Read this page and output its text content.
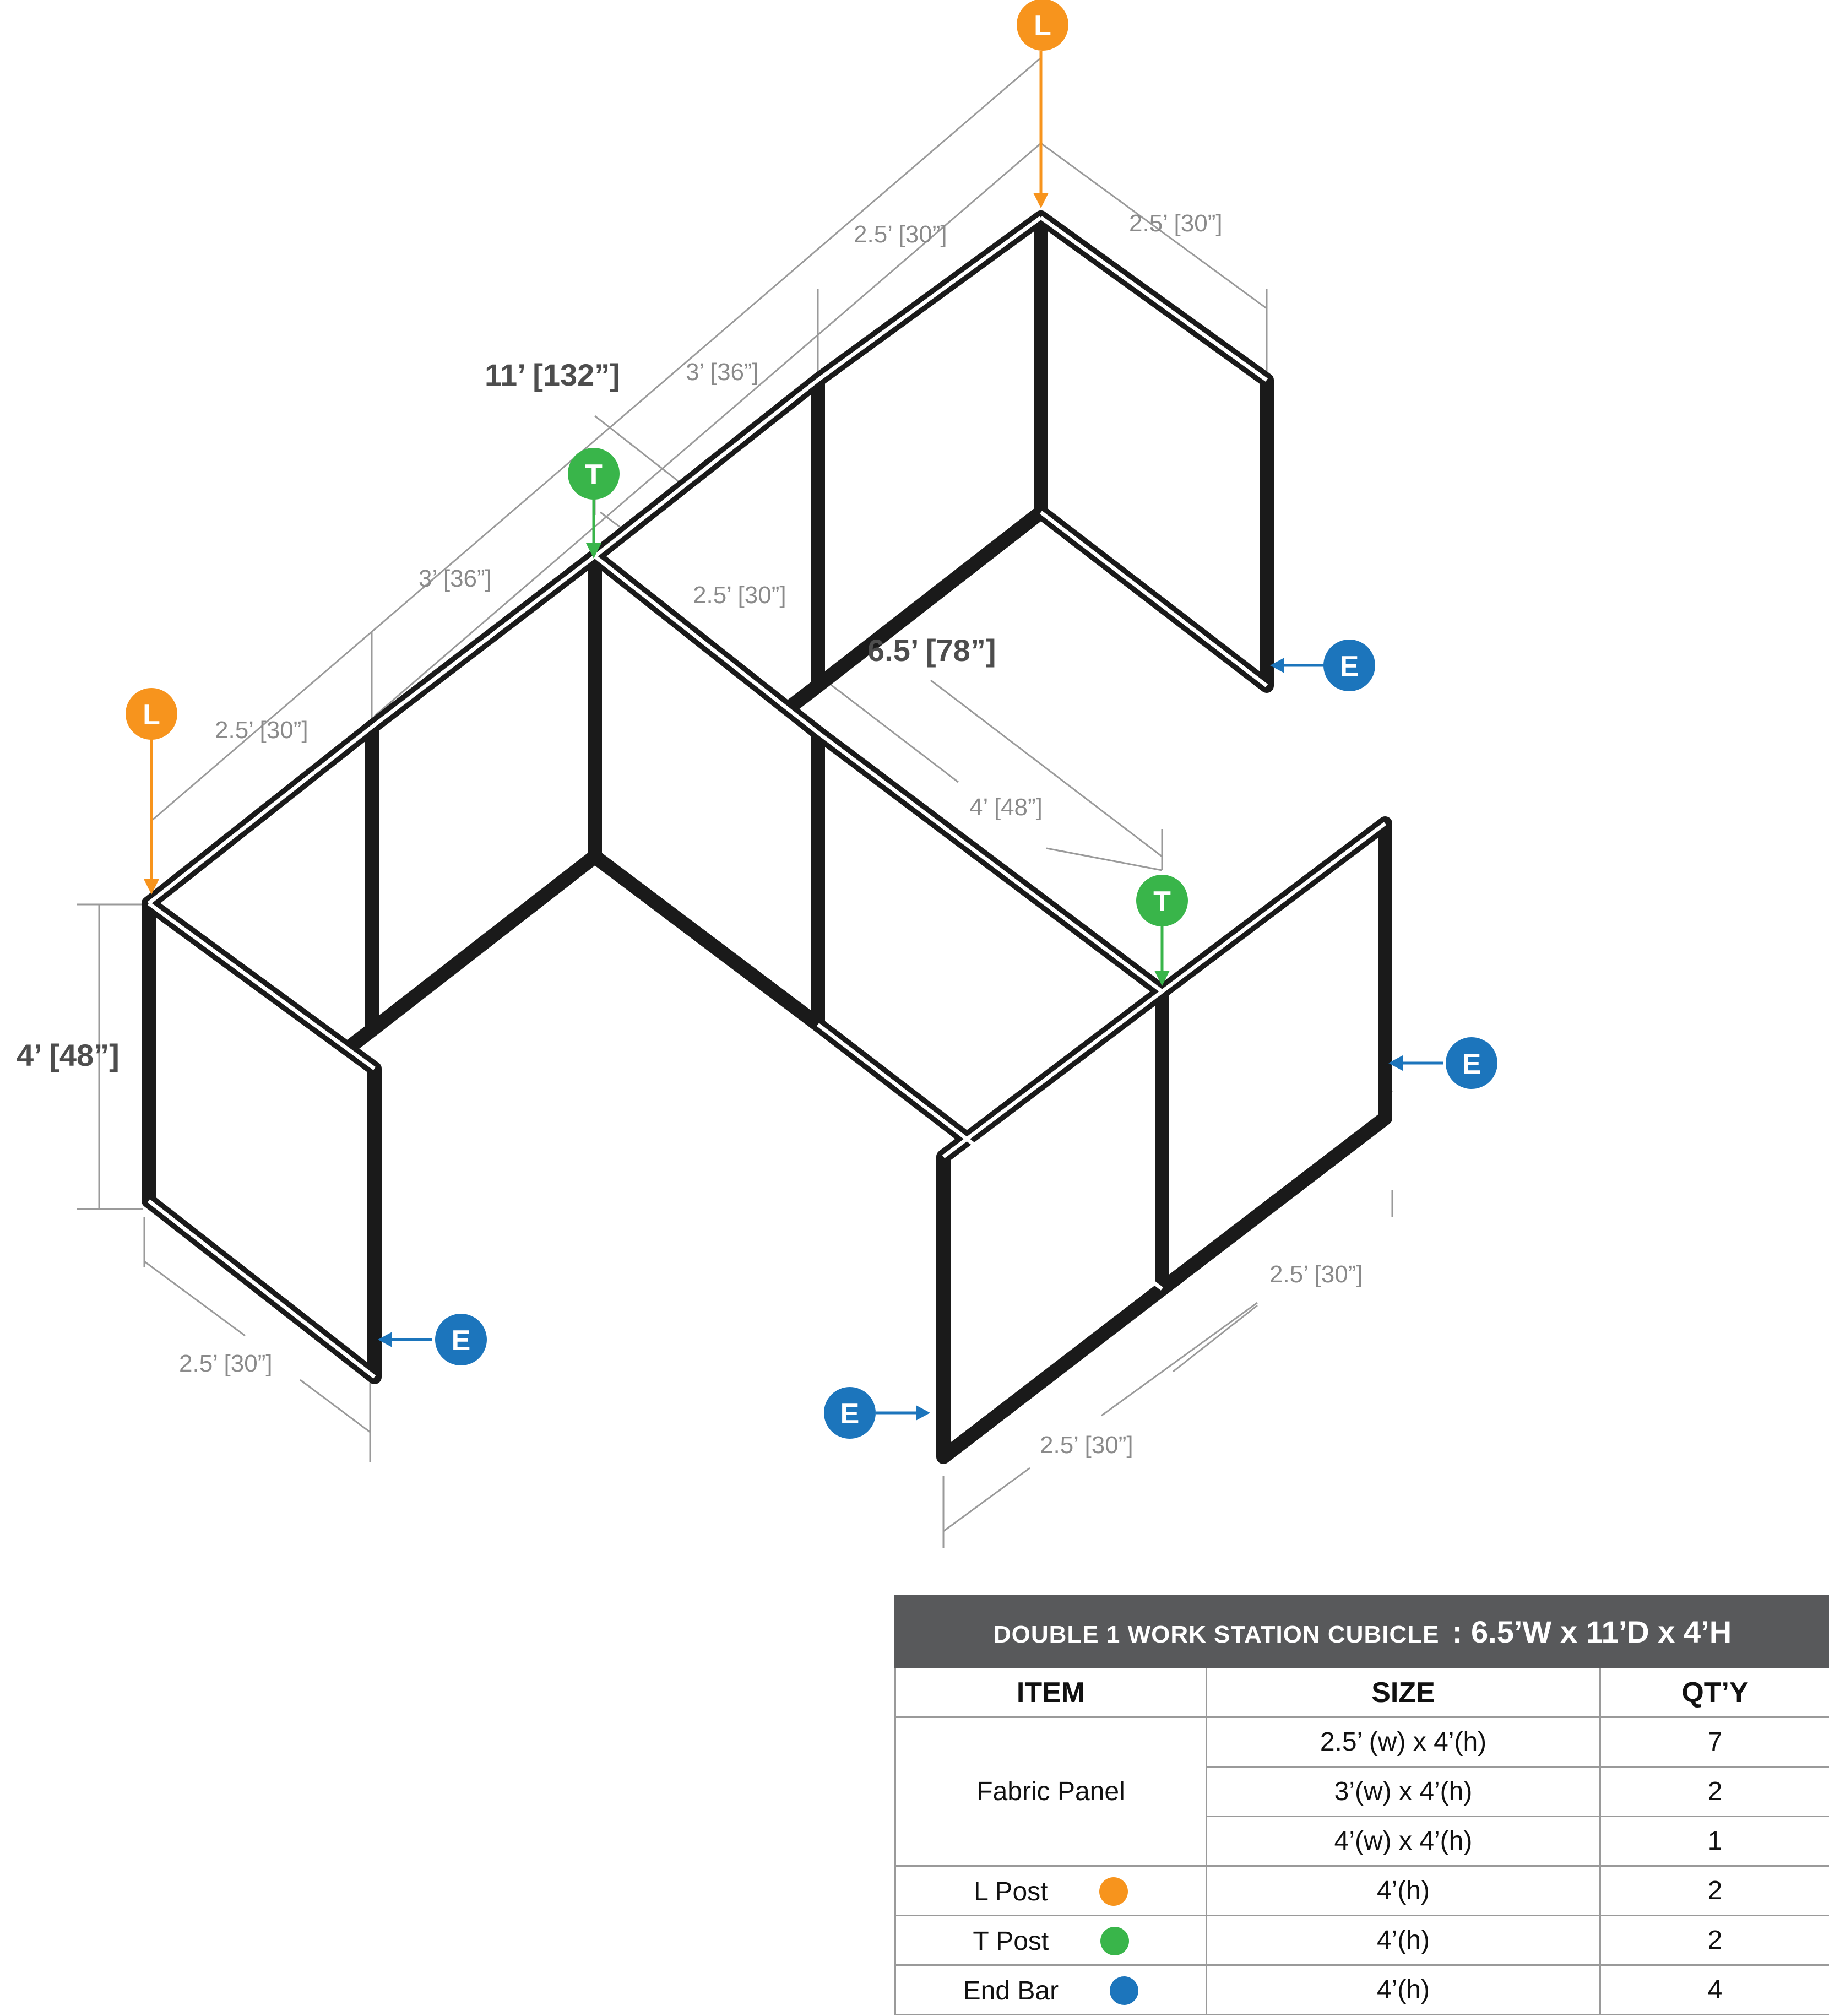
L
L
T
T
E
E
E
E
11’ [132”]
6.5’ [78”]
4’ [48”]
2.5’ [30”]	2.5’ [30”]
3’ [36”]
3’ [36”]
2.5’ [30”]
2.5’ [30”]
4’ [48”]
2.5’ [30”]
2.5’ [30”]
2.5’ [30”]
DOUBLE 1 WORK STATION CUBICLE : 6.5’W x 11’D x 4’H		
ITEM	SIZE	QT’Y
Fabric Panel	2.5’ (w) x 4’(h)	7
	3’(w) x 4’(h)	2
	4’(w) x 4’(h)	1
L Post	4’(h)	2
T Post	4’(h)	2
End Bar	4’(h)	4
